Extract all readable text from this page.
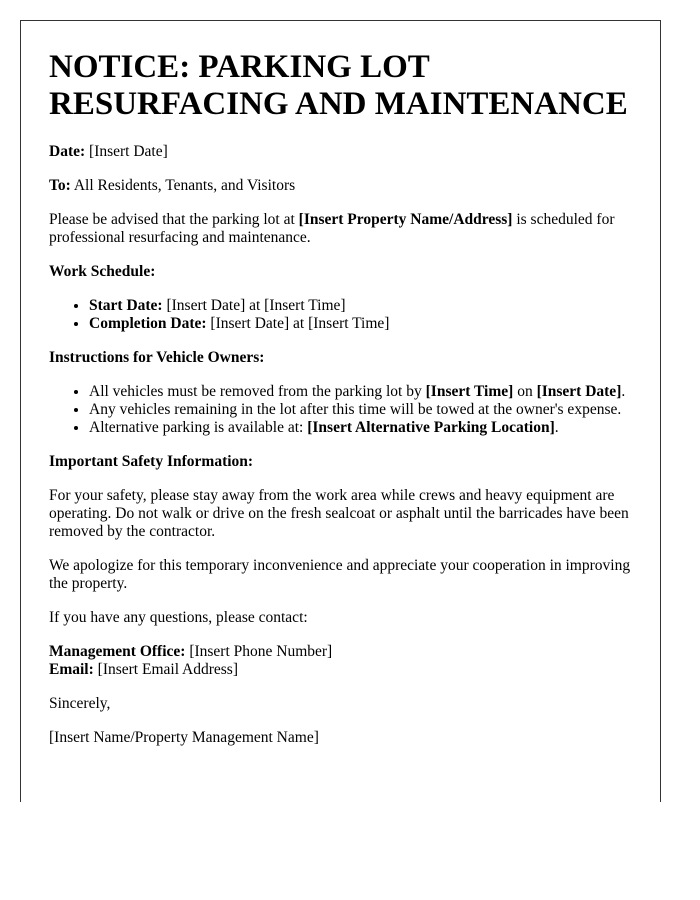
NOTICE: PARKING LOT RESURFACING AND MAINTENANCE

Date: [Insert Date]

To: All Residents, Tenants, and Visitors

Please be advised that the parking lot at [Insert Property Name/Address] is scheduled for professional resurfacing and maintenance.

Work Schedule:

• Start Date: [Insert Date] at [Insert Time]
• Completion Date: [Insert Date] at [Insert Time]

Instructions for Vehicle Owners:

• All vehicles must be removed from the parking lot by [Insert Time] on [Insert Date].
• Any vehicles remaining in the lot after this time will be towed at the owner's expense.
• Alternative parking is available at: [Insert Alternative Parking Location].

Important Safety Information:

For your safety, please stay away from the work area while crews and heavy equipment are operating. Do not walk or drive on the fresh sealcoat or asphalt until the barricades have been removed by the contractor.

We apologize for this temporary inconvenience and appreciate your cooperation in improving the property.

If you have any questions, please contact:

Management Office: [Insert Phone Number]

Email: [Insert Email Address]

Sincerely,

[Insert Name/Property Management Name]
